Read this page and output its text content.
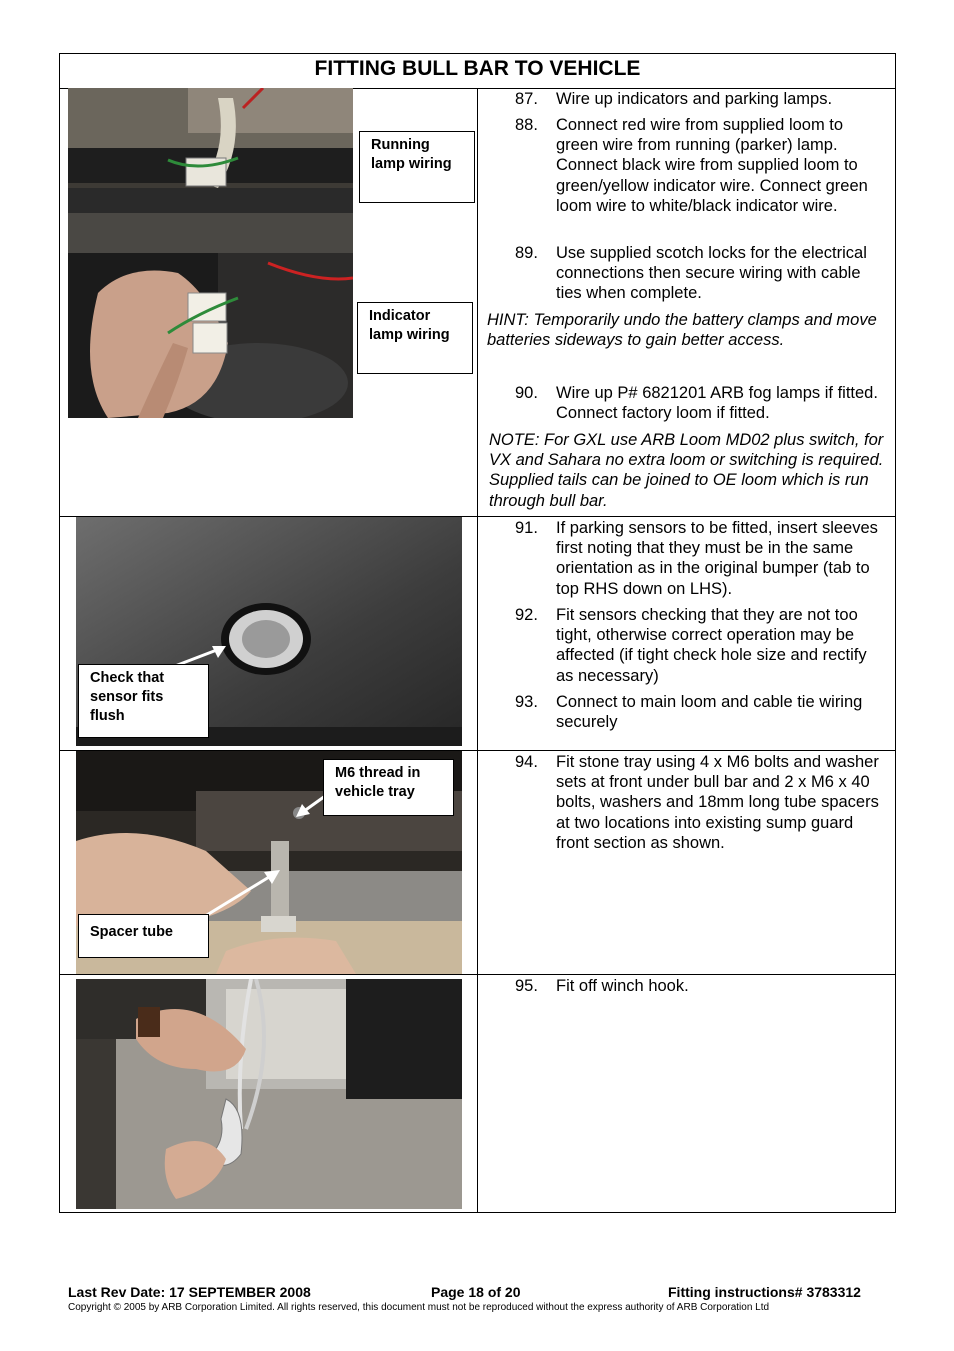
FITTING BULL BAR TO VEHICLE
Running lamp wiring
Indicator lamp wiring
87. Wire up indicators and parking lamps.
88. Connect red wire from supplied loom to green wire from running (parker) lamp. Connect black wire from supplied loom to green/yellow indicator wire. Connect green loom wire to white/black indicator wire.
89. Use supplied scotch locks for the electrical connections then secure wiring with cable ties when complete.
HINT: Temporarily undo the battery clamps and move batteries sideways to gain better access.
90. Wire up P# 6821201 ARB fog lamps if fitted. Connect factory loom if fitted.
NOTE: For GXL use ARB Loom MD02 plus switch, for VX and Sahara no extra loom or switching is required. Supplied tails can be joined to OE loom which is run through bull bar.
Check that sensor fits flush
91. If parking sensors to be fitted, insert sleeves first noting that they must be in the same orientation as in the original bumper (tab to top RHS down on LHS).
92. Fit sensors checking that they are not too tight, otherwise correct operation may be affected (if tight check hole size and rectify as necessary)
93. Connect to main loom and cable tie wiring securely
M6 thread in vehicle tray
Spacer tube
94. Fit stone tray using 4 x M6 bolts and washer sets at front under bull bar and 2 x M6 x 40 bolts, washers and 18mm long tube spacers at two locations into existing sump guard front section as shown.
95. Fit off winch hook.
Last Rev Date: 17 SEPTEMBER 2008	Page 18 of 20	Fitting instructions# 3783312
Copyright © 2005 by ARB Corporation Limited. All rights reserved, this document must not be reproduced without the express authority of ARB Corporation Ltd
